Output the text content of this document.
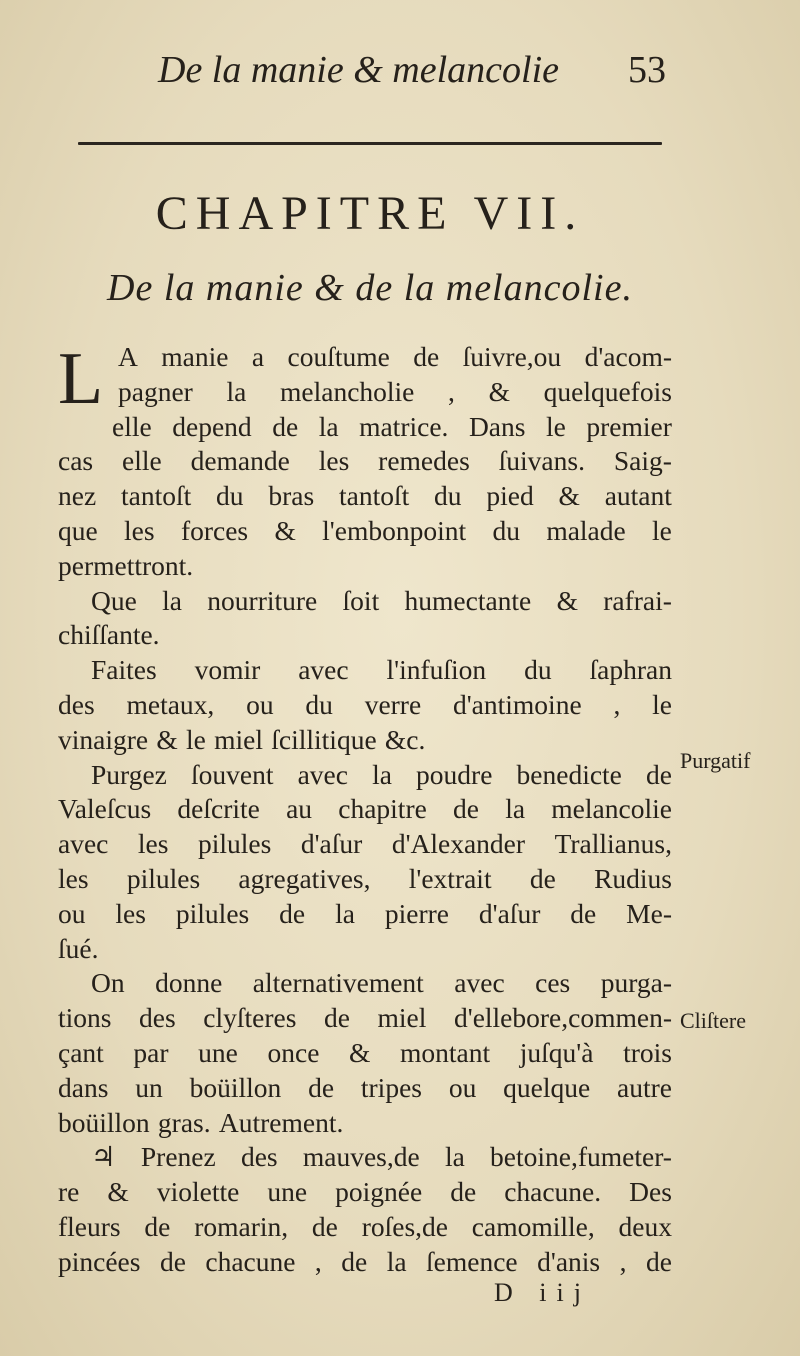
De la manie & melancolie 53
CHAPITRE VII.
De la manie & de la melancolie.
L A manie a couſtume de ſuivre,ou d'acom-
pagner la melancholie , & quelquefois
elle depend de la matrice. Dans le premier
cas elle demande les remedes ſuivans. Saig-
nez tantoſt du bras tantoſt du pied & autant
que les forces & l'embonpoint du malade le
permettront.
Que la nourriture ſoit humectante & rafrai-
chiſſante.
Faites vomir avec l'infuſion du ſaphran
des metaux, ou du verre d'antimoine , le
vinaigre & le miel ſcillitique &c.
Purgez ſouvent avec la poudre benedicte de
Valeſcus deſcrite au chapitre de la melancolie
avec les pilules d'aſur d'Alexander Trallianus,
les pilules agregatives, l'extrait de Rudius
ou les pilules de la pierre d'aſur de Me-
ſué.
On donne alternativement avec ces purga-
tions des clyſteres de miel d'ellebore,commen-
çant par une once & montant juſqu'à trois
dans un boüillon de tripes ou quelque autre
boüillon gras. Autrement.
♃ Prenez des mauves,de la betoine,fumeter-
re & violette une poignée de chacune. Des
fleurs de romarin, de roſes,de camomille, deux
pincées de chacune , de la ſemence d'anis , de
Purgatif
Cliſtere
D iij
